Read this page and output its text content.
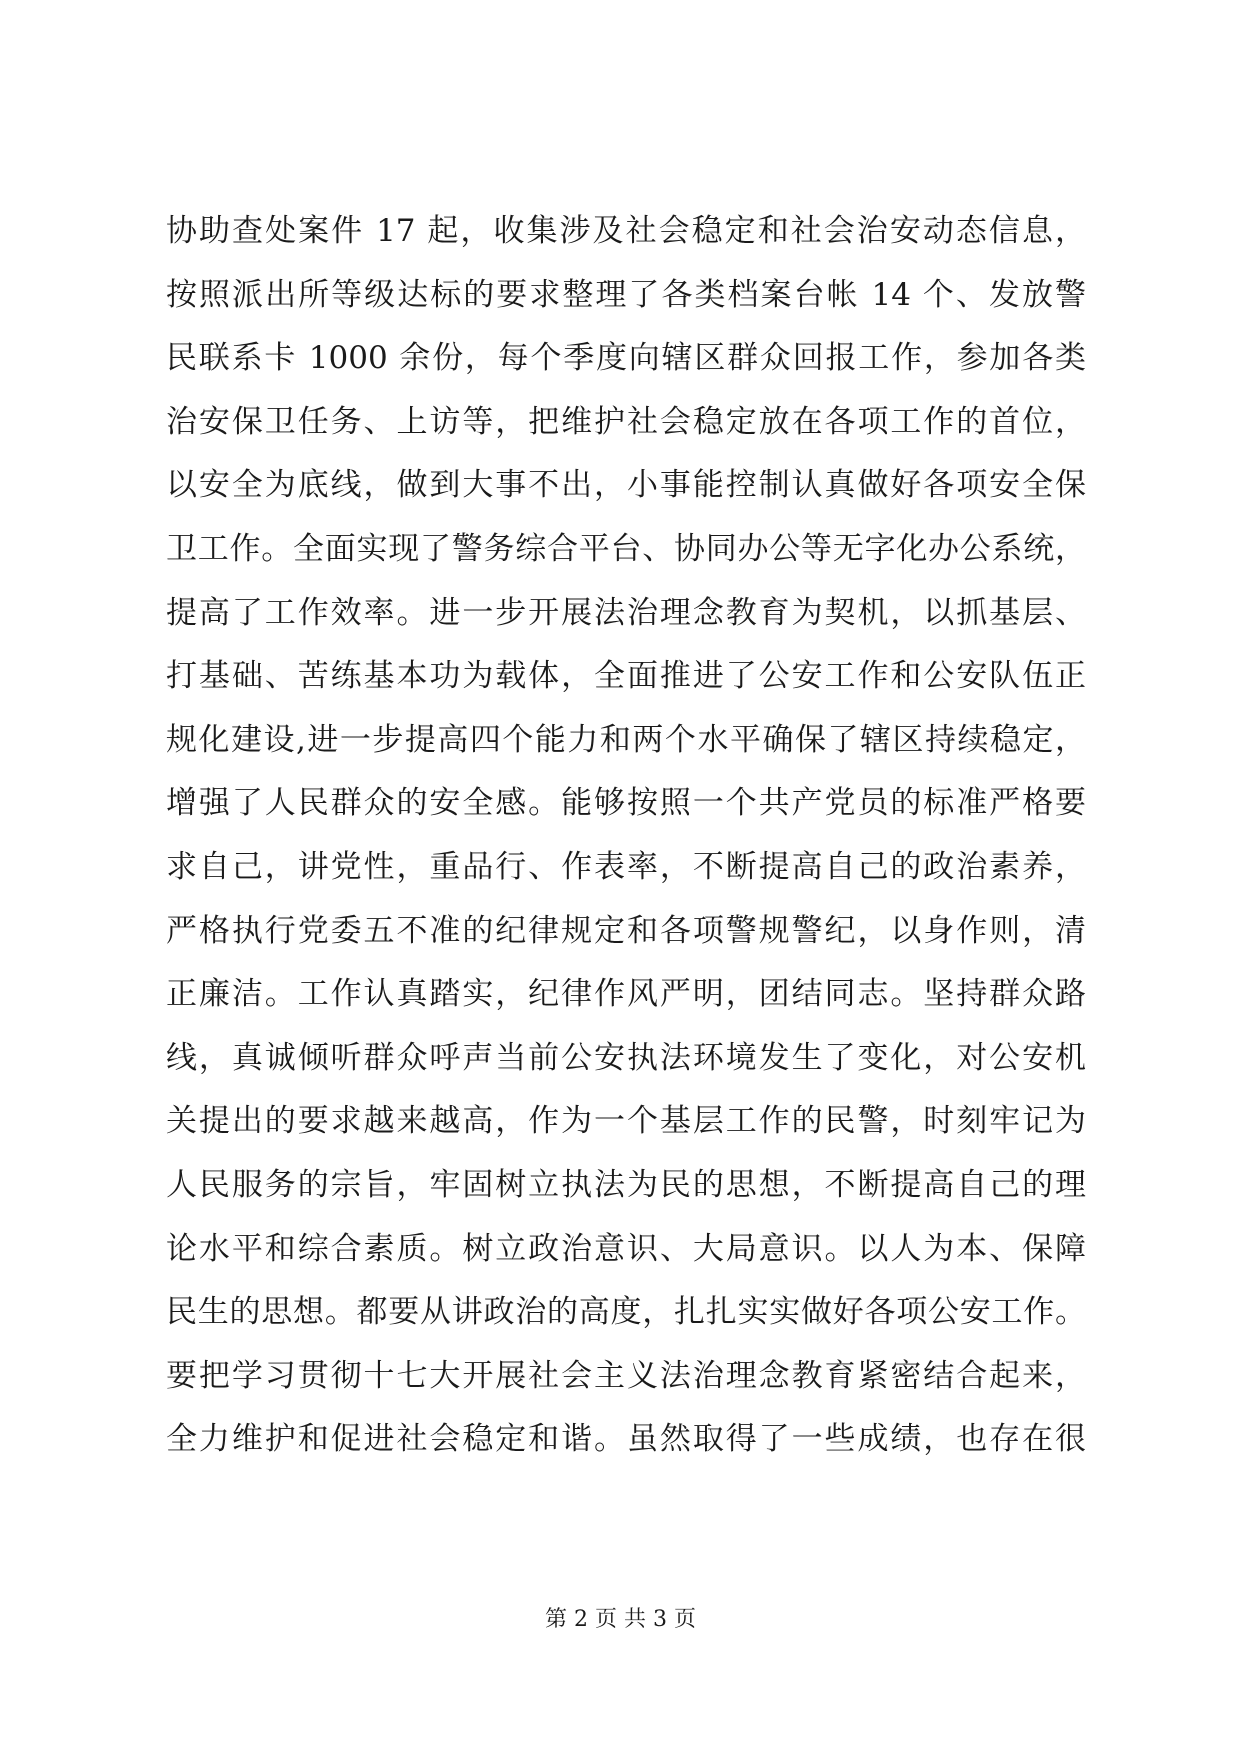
协助查处案件 17 起，收集涉及社会稳定和社会治安动态信息，
按照派出所等级达标的要求整理了各类档案台帐 14 个、发放警
民联系卡 1000 余份，每个季度向辖区群众回报工作，参加各类
治安保卫任务、上访等，把维护社会稳定放在各项工作的首位，
以安全为底线，做到大事不出，小事能控制认真做好各项安全保
卫工作。全面实现了警务综合平台、协同办公等无字化办公系统，
提高了工作效率。进一步开展法治理念教育为契机，以抓基层、
打基础、苦练基本功为载体，全面推进了公安工作和公安队伍正
规化建设,进一步提高四个能力和两个水平确保了辖区持续稳定，
增强了人民群众的安全感。能够按照一个共产党员的标准严格要
求自己，讲党性，重品行、作表率，不断提高自己的政治素养，
严格执行党委五不准的纪律规定和各项警规警纪，以身作则，清
正廉洁。工作认真踏实，纪律作风严明，团结同志。坚持群众路
线，真诚倾听群众呼声当前公安执法环境发生了变化，对公安机
关提出的要求越来越高，作为一个基层工作的民警，时刻牢记为
人民服务的宗旨，牢固树立执法为民的思想，不断提高自己的理
论水平和综合素质。树立政治意识、大局意识。以人为本、保障
民生的思想。都要从讲政治的高度，扎扎实实做好各项公安工作。
要把学习贯彻十七大开展社会主义法治理念教育紧密结合起来，
全力维护和促进社会稳定和谐。虽然取得了一些成绩，也存在很
第 2 页 共 3 页
